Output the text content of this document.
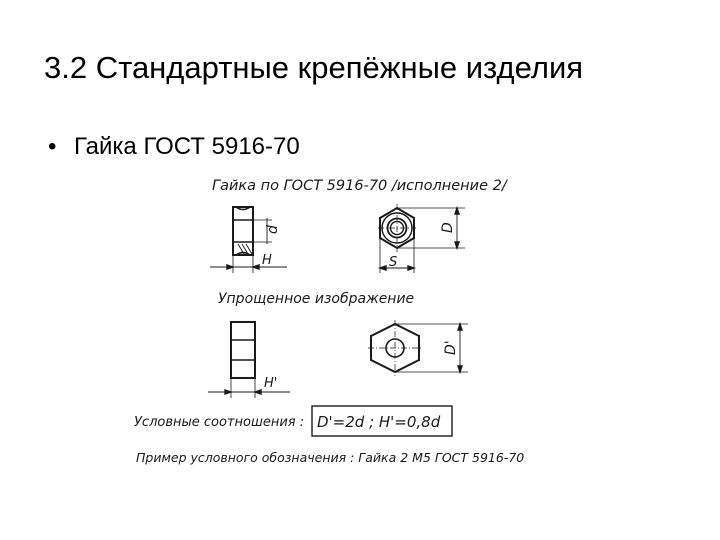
3.2 Стандартные крепёжные изделия
• Гайка ГОСТ 5916-70
Гайка по ГОСТ 5916-70 /исполнение 2/
d
H
D
S
Упрощенное изображение
H'
D'
Условные соотношения : D'=2d ; H'=0,8d
Пример условного обозначения : Гайка 2 М5 ГОСТ 5916-70
